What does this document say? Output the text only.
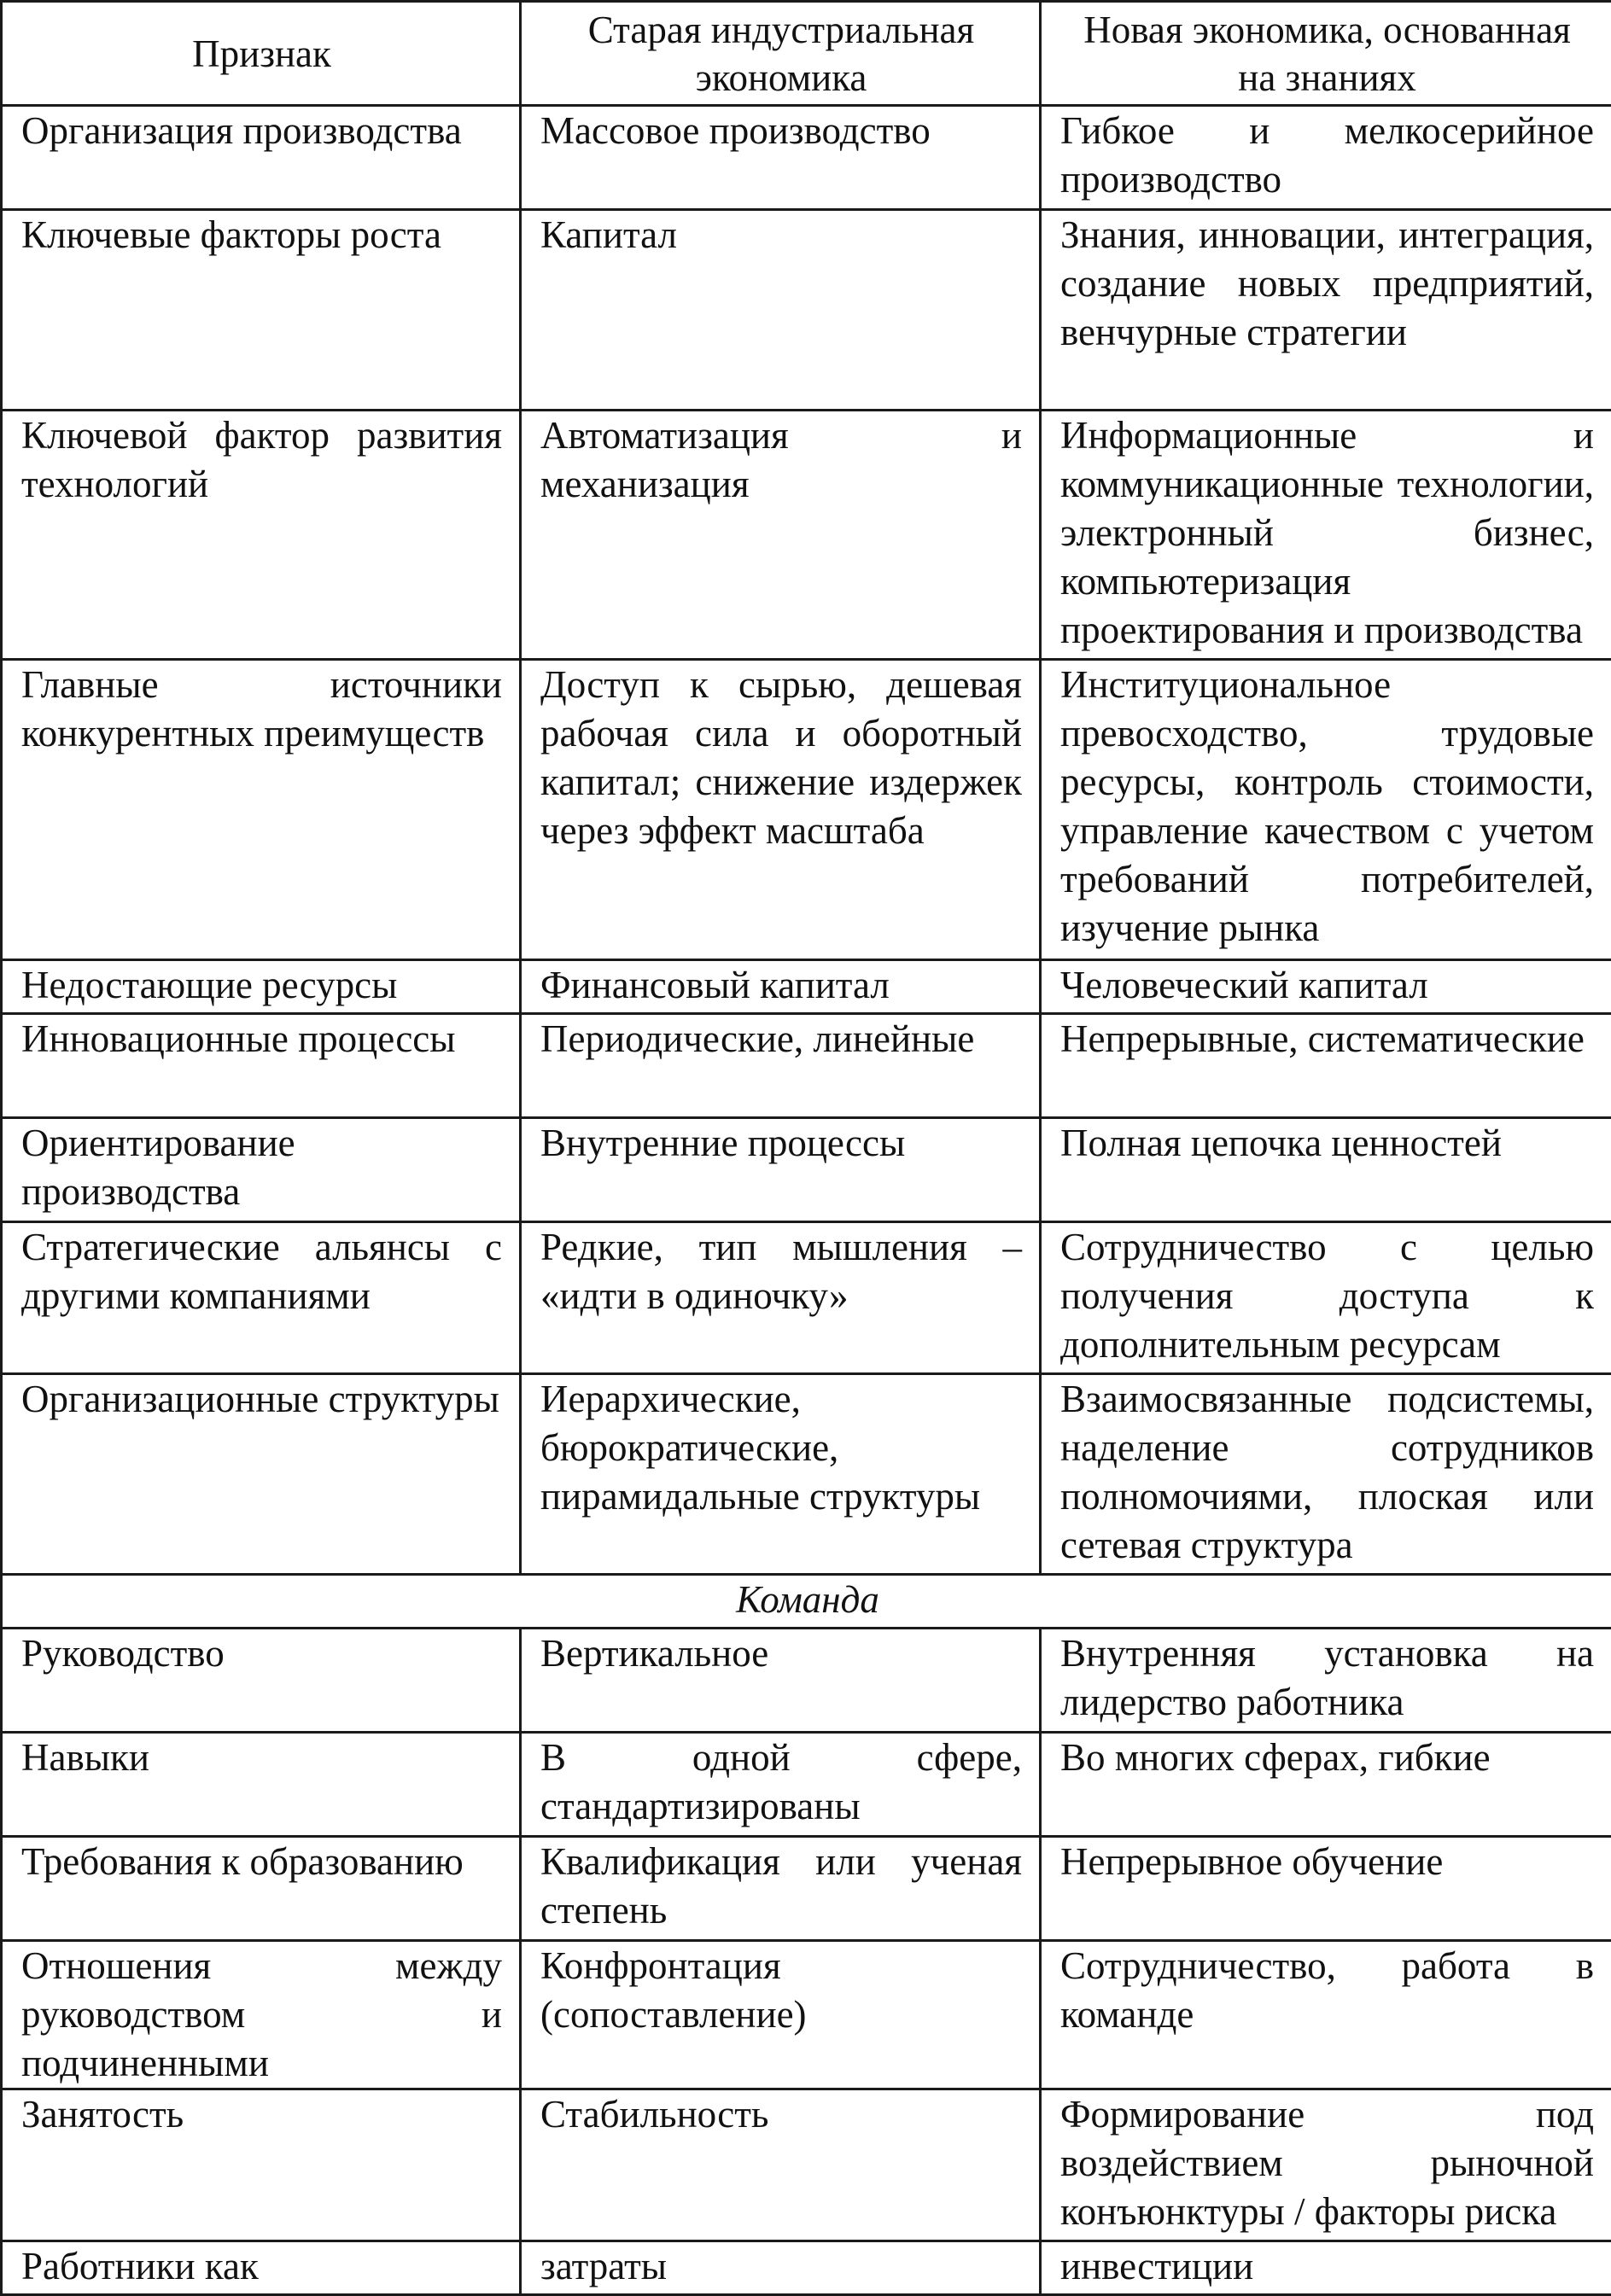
Признак	Старая индустриальная экономика	Новая экономика, основанная на знаниях
Организация производства	Массовое производство	Гибкое и мелкосерийное производство
Ключевые факторы роста	Капитал	Знания, инновации, интеграция, создание новых предприятий, венчурные стратегии
Ключевой фактор развития технологий	Автоматизация и механизация	Информационные и коммуникационные технологии, электронный бизнес, компьютеризация проектирования и производства
Главные источники конкурентных преимуществ	Доступ к сырью, дешевая рабочая сила и оборотный капитал; снижение издержек через эффект масштаба	Институциональное превосходство, трудовые ресурсы, контроль стоимости, управление качеством с учетом требований потребителей, изучение рынка
Недостающие ресурсы	Финансовый капитал	Человеческий капитал
Инновационные процессы	Периодические, линейные	Непрерывные, систематические
Ориентирование производства	Внутренние процессы	Полная цепочка ценностей
Стратегические альянсы с другими компаниями	Редкие, тип мышления – «идти в одиночку»	Сотрудничество с целью получения доступа к дополнительным ресурсам
Организационные структуры	Иерархические, бюрократические, пирамидальные структуры	Взаимосвязанные подсистемы, наделение сотрудников полномочиями, плоская или сетевая структура
Команда		
Руководство	Вертикальное	Внутренняя установка на лидерство работника
Навыки	В одной сфере, стандартизированы	Во многих сферах, гибкие
Требования к образованию	Квалификация или ученая степень	Непрерывное обучение
Отношения между руководством и подчиненными	Конфронтация (сопоставление)	Сотрудничество, работа в команде
Занятость	Стабильность	Формирование под воздействием рыночной конъюнктуры / факторы риска
Работники как	затраты	инвестиции
